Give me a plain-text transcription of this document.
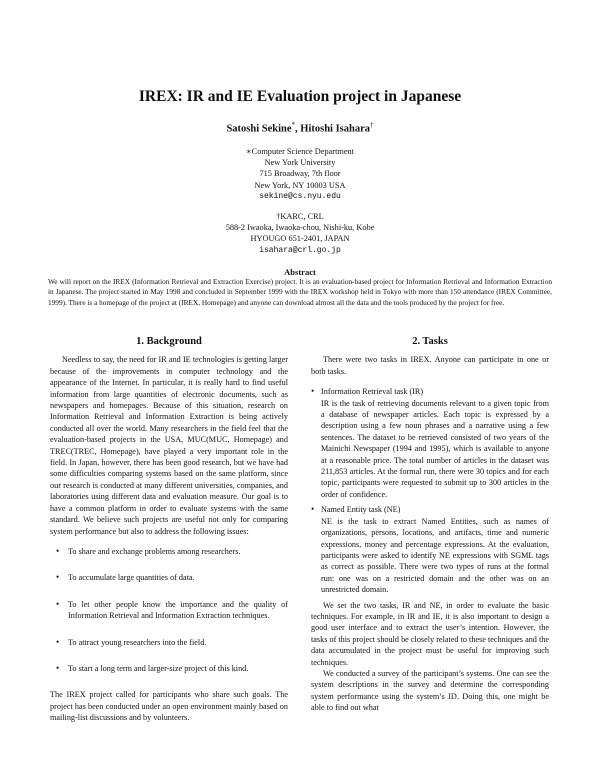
IREX: IR and IE Evaluation project in Japanese
Satoshi Sekine*, Hitoshi Isahara†
∗Computer Science Department
New York University
715 Broadway, 7th floor
New York, NY 10003 USA
sekine@cs.nyu.edu
†KARC, CRL
588-2 Iwaoka, Iwaoka-chou, Nishi-ku, Kobe
HYOUGO 651-2401, JAPAN
isahara@crl.go.jp
Abstract
We will report on the IREX (Information Retrieval and Extraction Exercise) project. It is an evaluation-based project for Information Retrieval and Information Extraction in Japanese. The project started in May 1998 and concluded in September 1999 with the IREX workshop held in Tokyo with more than 150 attendance (IREX Committee, 1999). There is a homepage of the project at (IREX, Homepage) and anyone can download almost all the data and the tools produced by the project for free.
1. Background

Needless to say, the need for IR and IE technologies is getting larger because of the improvements in computer technology and the appearance of the Internet. In particular, it is really hard to find useful information from large quantities of electronic documents, such as newspapers and homepages. Because of this situation, research on Information Retrieval and Information Extraction is being actively conducted all over the world. Many researchers in the field feel that the evaluation-based projects in the USA, MUC(MUC, Homepage) and TREC(TREC, Homepage), have played a very important role in the field. In Japan, however, there has been good research, but we have had some difficulties comparing systems based on the same platform, since our research is conducted at many different universities, companies, and laboratories using different data and evaluation measure. Our goal is to have a common platform in order to evaluate systems with the same standard. We believe such projects are useful not only for comparing system performance but also to address the following issues:

• To share and exchange problems among researchers.
• To accumulate large quantities of data.
• To let other people know the importance and the quality of Information Retrieval and Information Extraction techniques.
• To attract young researchers into the field.
• To start a long term and larger-size project of this kind.

The IREX project called for participants who share such goals. The project has been conducted under an open environment mainly based on mailing-list discussions and by volunteers.

2. Tasks

There were two tasks in IREX. Anyone can participate in one or both tasks.

• Information Retrieval task (IR)
IR is the task of retrieving documents relevant to a given topic from a database of newspaper articles. Each topic is expressed by a description using a few noun phrases and a narrative using a few sentences. The dataset to be retrieved consisted of two years of the Mainichi Newspaper (1994 and 1995), which is available to anyone at a reasonable price. The total number of articles in the dataset was 211,853 articles. At the formal run, there were 30 topics and for each topic, participants were requested to submit up to 300 articles in the order of confidence.
• Named Entity task (NE)
NE is the task to extract Named Entities, such as names of organizations, persons, locations, and artifacts, time and numeric expressions, money and percentage expressions. At the evaluation, participants were asked to identify NE expressions with SGML tags as correct as possible. There were two types of runs at the formal run: one was on a restricted domain and the other was on an unrestricted domain.

We set the two tasks, IR and NE, in order to evaluate the basic techniques. For example, in IR and IE, it is also important to design a good user interface and to extract the user’s intention. However, the tasks of this project should be closely related to these techniques and the data accumulated in the project must be useful for improving such techniques.

We conducted a survey of the participant’s systems. One can see the system descriptions in the survey and determine the corresponding system performance using the system’s ID. Doing this, one might be able to find out what
